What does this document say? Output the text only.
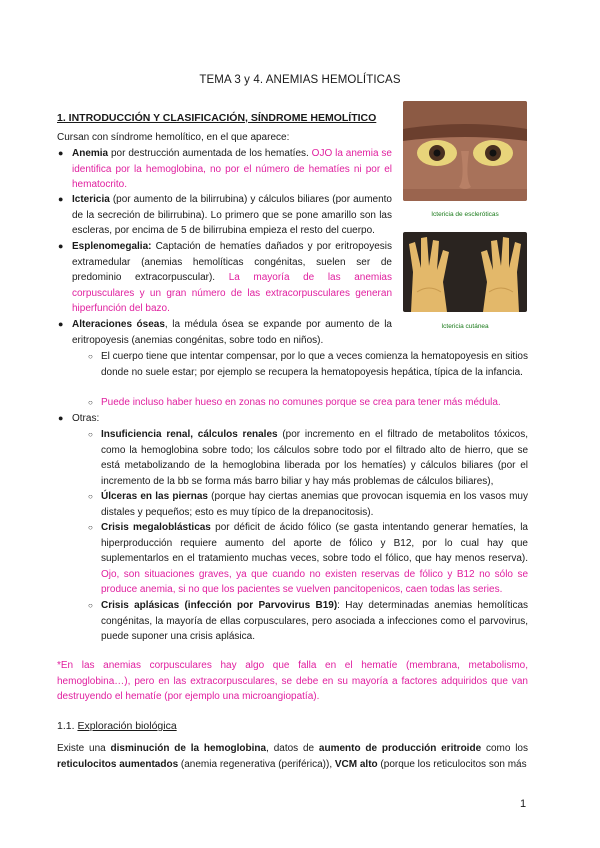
TEMA 3 y 4. ANEMIAS HEMOLÍTICAS
1. INTRODUCCIÓN Y CLASIFICACIÓN, SÍNDROME HEMOLÍTICO
Ictericia de escleróticas
Ictericia cutánea
Cursan con síndrome hemolítico, en el que aparece:
● Anemia por destrucción aumentada de los hematíes. OJO la anemia se identifica por la hemoglobina, no por el número de hematíes ni por el hematocrito.
● Ictericia (por aumento de la bilirrubina) y cálculos biliares (por aumento de la secreción de bilirrubina). Lo primero que se pone amarillo son las escleras, por encima de 5 de bilirrubina empieza el resto del cuerpo.
● Esplenomegalia: Captación de hematíes dañados y por eritropoyesis extramedular (anemias hemolíticas congénitas, suelen ser de predominio extracorpuscular). La mayoría de las anemias corpusculares y un gran número de las extracorpusculares generan hiperfunción del bazo.
● Alteraciones óseas, la médula ósea se expande por aumento de la eritropoyesis (anemias congénitas, sobre todo en niños).
○ El cuerpo tiene que intentar compensar, por lo que a veces comienza la hematopoyesis en sitios donde no suele estar; por ejemplo se recupera la hematopoyesis hepática, típica de la infancia.
○ Puede incluso haber hueso en zonas no comunes porque se crea para tener más médula.
● Otras:
○ Insuficiencia renal, cálculos renales (por incremento en el filtrado de metabolitos tóxicos, como la hemoglobina sobre todo; los cálculos sobre todo por el filtrado alto de hierro, que se está metabolizando de la hemoglobina liberada por los hematíes) y cálculos biliares (por el incremento de la bb se forma más barro biliar y hay más problemas de cálculos biliares),
○ Úlceras en las piernas (porque hay ciertas anemias que provocan isquemia en los vasos muy distales y pequeños; esto es muy típico de la drepanocitosis).
○ Crisis megaloblásticas por déficit de ácido fólico (se gasta intentando generar hematíes, la hiperproducción requiere aumento del aporte de fólico y B12, por lo cual hay que suplementarlos en el tratamiento muchas veces, sobre todo el fólico, que hay menos reserva). Ojo, son situaciones graves, ya que cuando no existen reservas de fólico y B12 no sólo se produce anemia, si no que los pacientes se vuelven pancitopenicos, caen todas las series.
○ Crisis aplásicas (infección por Parvovirus B19): Hay determinadas anemias hemolíticas congénitas, la mayoría de ellas corpusculares, pero asociada a infecciones como el parvovirus, puede suponer una crisis aplásica.
*En las anemias corpusculares hay algo que falla en el hematíe (membrana, metabolismo, hemoglobina…), pero en las extracorpusculares, se debe en su mayoría a factores adquiridos que van destruyendo el hematíe (por ejemplo una microangiopatía).
1.1. Exploración biológica
Existe una disminución de la hemoglobina, datos de aumento de producción eritroide como los reticulocitos aumentados (anemia regenerativa (periférica)), VCM alto (porque los reticulocitos son más
1
